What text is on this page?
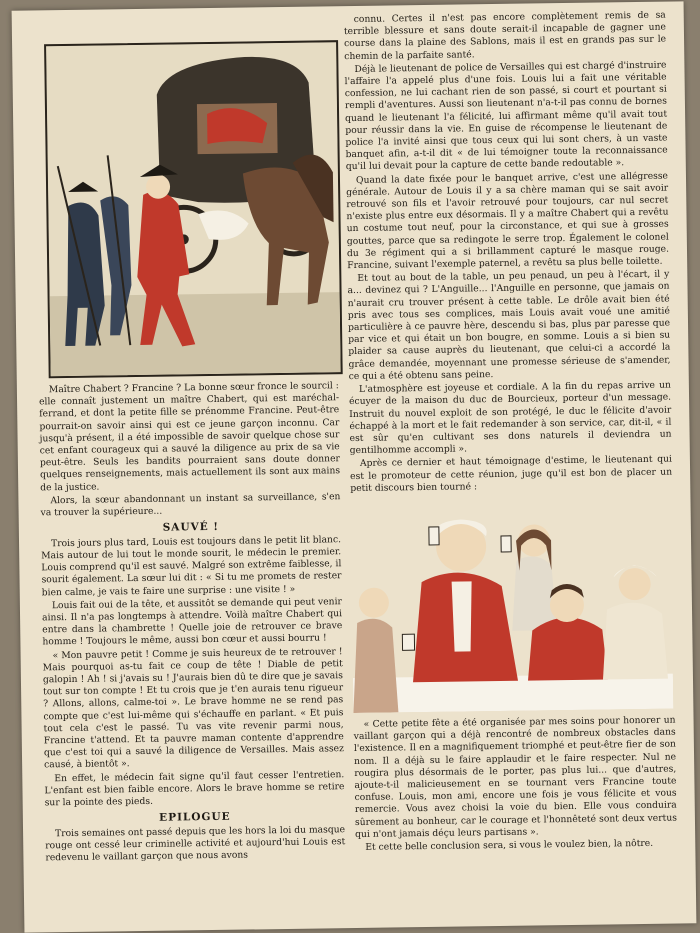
Maître Chabert ? Francine ? La bonne sœur fronce le sourcil : elle connaît justement un maître Chabert, qui est maréchal-ferrand, et dont la petite fille se prénomme Francine. Peut-être pourrait-on savoir ainsi qui est ce jeune garçon inconnu. Car jusqu'à présent, il a été impossible de savoir quelque chose sur cet enfant courageux qui a sauvé la diligence au prix de sa vie peut-être. Seuls les bandits pourraient sans doute donner quelques renseignements, mais actuellement ils sont aux mains de la justice.

Alors, la sœur abandonnant un instant sa surveillance, s'en va trouver la supérieure...

SAUVÉ !

Trois jours plus tard, Louis est toujours dans le petit lit blanc. Mais autour de lui tout le monde sourit, le médecin le premier. Louis comprend qu'il est sauvé. Malgré son extrême faiblesse, il sourit également. La sœur lui dit : « Si tu me promets de rester bien calme, je vais te faire une surprise : une visite ! »

Louis fait oui de la tête, et aussitôt se demande qui peut venir ainsi. Il n'a pas longtemps à attendre. Voilà maître Chabert qui entre dans la chambrette ! Quelle joie de retrouver ce brave homme ! Toujours le même, aussi bon cœur et aussi bourru !

« Mon pauvre petit ! Comme je suis heureux de te retrouver ! Mais pourquoi as-tu fait ce coup de tête ! Diable de petit galopin ! Ah ! si j'avais su ! J'aurais bien dû te dire que je savais tout sur ton compte ! Et tu crois que je t'en aurais tenu rigueur ? Allons, allons, calme-toi ». Le brave homme ne se rend pas compte que c'est lui-même qui s'échauffe en parlant. « Et puis tout cela c'est le passé. Tu vas vite revenir parmi nous, Francine t'attend. Et ta pauvre maman contente d'apprendre que c'est toi qui a sauvé la diligence de Versailles. Mais assez causé, à bientôt ».

En effet, le médecin fait signe qu'il faut cesser l'entretien. L'enfant est bien faible encore. Alors le brave homme se retire sur la pointe des pieds.

EPILOGUE

Trois semaines ont passé depuis que les hors la loi du masque rouge ont cessé leur criminelle activité et aujourd'hui Louis est redevenu le vaillant garçon que nous avons

connu. Certes il n'est pas encore complètement remis de sa terrible blessure et sans doute serait-il incapable de gagner une course dans la plaine des Sablons, mais il est en grands pas sur le chemin de la parfaite santé.

Déjà le lieutenant de police de Versailles qui est chargé d'instruire l'affaire l'a appelé plus d'une fois. Louis lui a fait une véritable confession, ne lui cachant rien de son passé, si court et pourtant si rempli d'aventures. Aussi son lieutenant n'a-t-il pas connu de bornes quand le lieutenant l'a félicité, lui affirmant même qu'il avait tout pour réussir dans la vie. En guise de récompense le lieutenant de police l'a invité ainsi que tous ceux qui lui sont chers, à un vaste banquet afin, a-t-il dit « de lui témoigner toute la reconnaissance qu'il lui devait pour la capture de cette bande redoutable ».

Quand la date fixée pour le banquet arrive, c'est une allégresse générale. Autour de Louis il y a sa chère maman qui se sait avoir retrouvé son fils et l'avoir retrouvé pour toujours, car nul secret n'existe plus entre eux désormais. Il y a maître Chabert qui a revêtu un costume tout neuf, pour la circonstance, et qui sue à grosses gouttes, parce que sa redingote le serre trop. Également le colonel du 3e régiment qui a si brillamment capturé le masque rouge. Francine, suivant l'exemple paternel, a revêtu sa plus belle toilette.

Et tout au bout de la table, un peu penaud, un peu à l'écart, il y a... devinez qui ? L'Anguille... l'Anguille en personne, que jamais on n'aurait cru trouver présent à cette table. Le drôle avait bien été pris avec tous ses complices, mais Louis avait voué une amitié particulière à ce pauvre hère, descendu si bas, plus par paresse que par vice et qui était un bon bougre, en somme. Louis a si bien su plaider sa cause auprès du lieutenant, que celui-ci a accordé la grâce demandée, moyennant une promesse sérieuse de s'amender, ce qui a été obtenu sans peine.

L'atmosphère est joyeuse et cordiale. A la fin du repas arrive un écuyer de la maison du duc de Bourcieux, porteur d'un message. Instruit du nouvel exploit de son protégé, le duc le félicite d'avoir échappé à la mort et le fait redemander à son service, car, dit-il, « il est sûr qu'en cultivant ses dons naturels il deviendra un gentilhomme accompli ».

Après ce dernier et haut témoignage d'estime, le lieutenant qui est le promoteur de cette réunion, juge qu'il est bon de placer un petit discours bien tourné :

« Cette petite fête a été organisée par mes soins pour honorer un vaillant garçon qui a déjà rencontré de nombreux obstacles dans l'existence. Il en a magnifiquement triomphé et peut-être fier de son nom. Il a déjà su le faire applaudir et le faire respecter. Nul ne rougira plus désormais de le porter, pas plus lui... que d'autres, ajoute-t-il malicieusement en se tournant vers Francine toute confuse. Louis, mon ami, encore une fois je vous félicite et vous remercie. Vous avez choisi la voie du bien. Elle vous conduira sûrement au bonheur, car le courage et l'honnêteté sont deux vertus qui n'ont jamais déçu leurs partisans ».

Et cette belle conclusion sera, si vous le voulez bien, la nôtre.
